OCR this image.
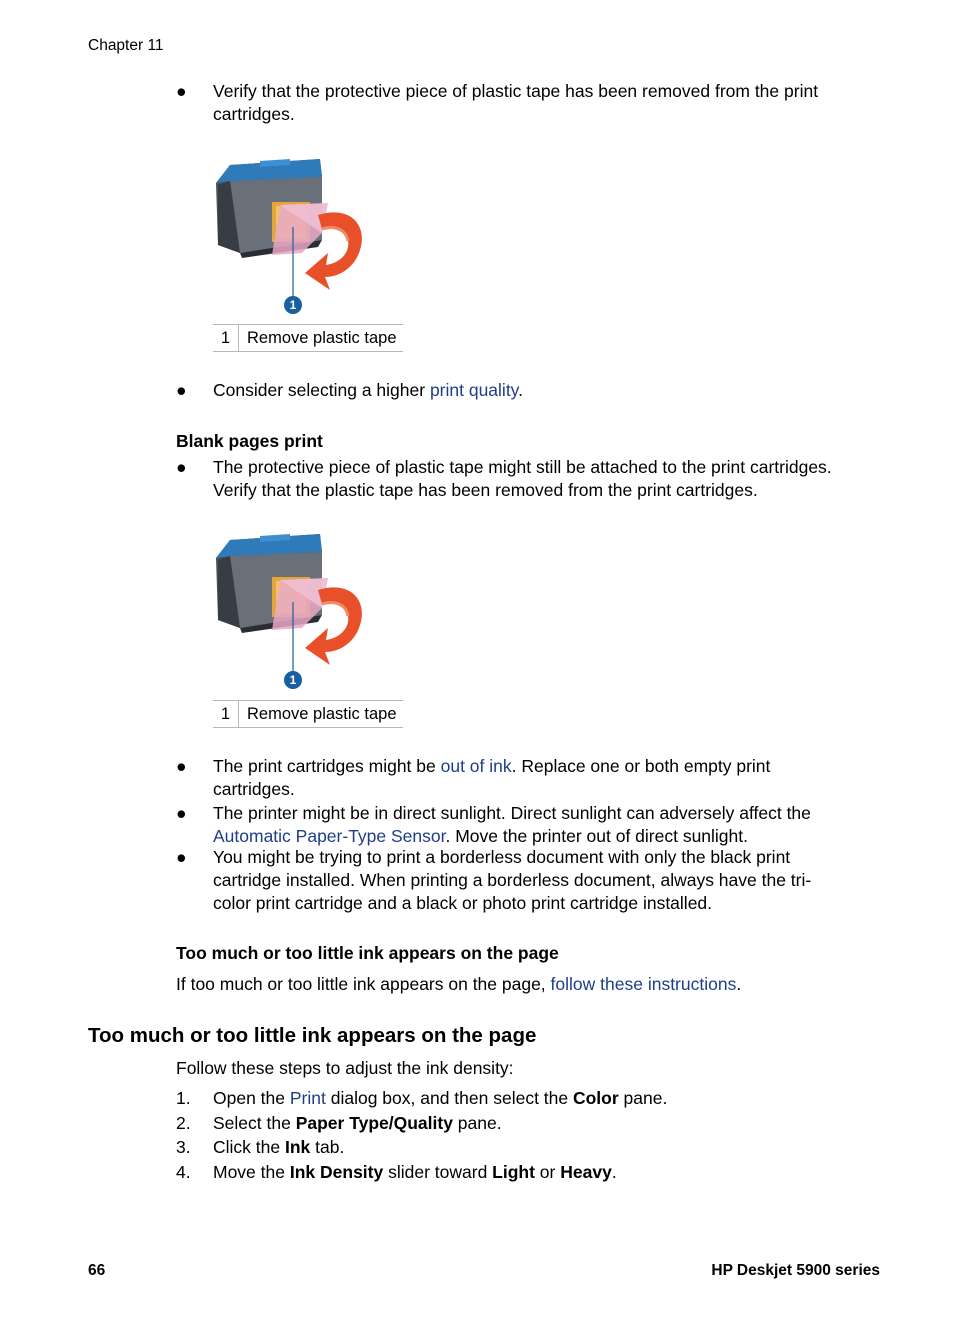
Chapter 11
●	Verify that the protective piece of plastic tape has been removed from the print
cartridges.
1
1	Remove plastic tape
●	Consider selecting a higher print quality.
Blank pages print
●	The protective piece of plastic tape might still be attached to the print cartridges.
Verify that the plastic tape has been removed from the print cartridges.
1
1	Remove plastic tape
●	The print cartridges might be out of ink. Replace one or both empty print
cartridges.
●	The printer might be in direct sunlight. Direct sunlight can adversely affect the
Automatic Paper-Type Sensor. Move the printer out of direct sunlight.
●	You might be trying to print a borderless document with only the black print
cartridge installed. When printing a borderless document, always have the tri-
color print cartridge and a black or photo print cartridge installed.
Too much or too little ink appears on the page
If too much or too little ink appears on the page, follow these instructions.
Too much or too little ink appears on the page
Follow these steps to adjust the ink density:
1.	Open the Print dialog box, and then select the Color pane.
2.	Select the Paper Type/Quality pane.
3.	Click the Ink tab.
4.	Move the Ink Density slider toward Light or Heavy.
66	HP Deskjet 5900 series
